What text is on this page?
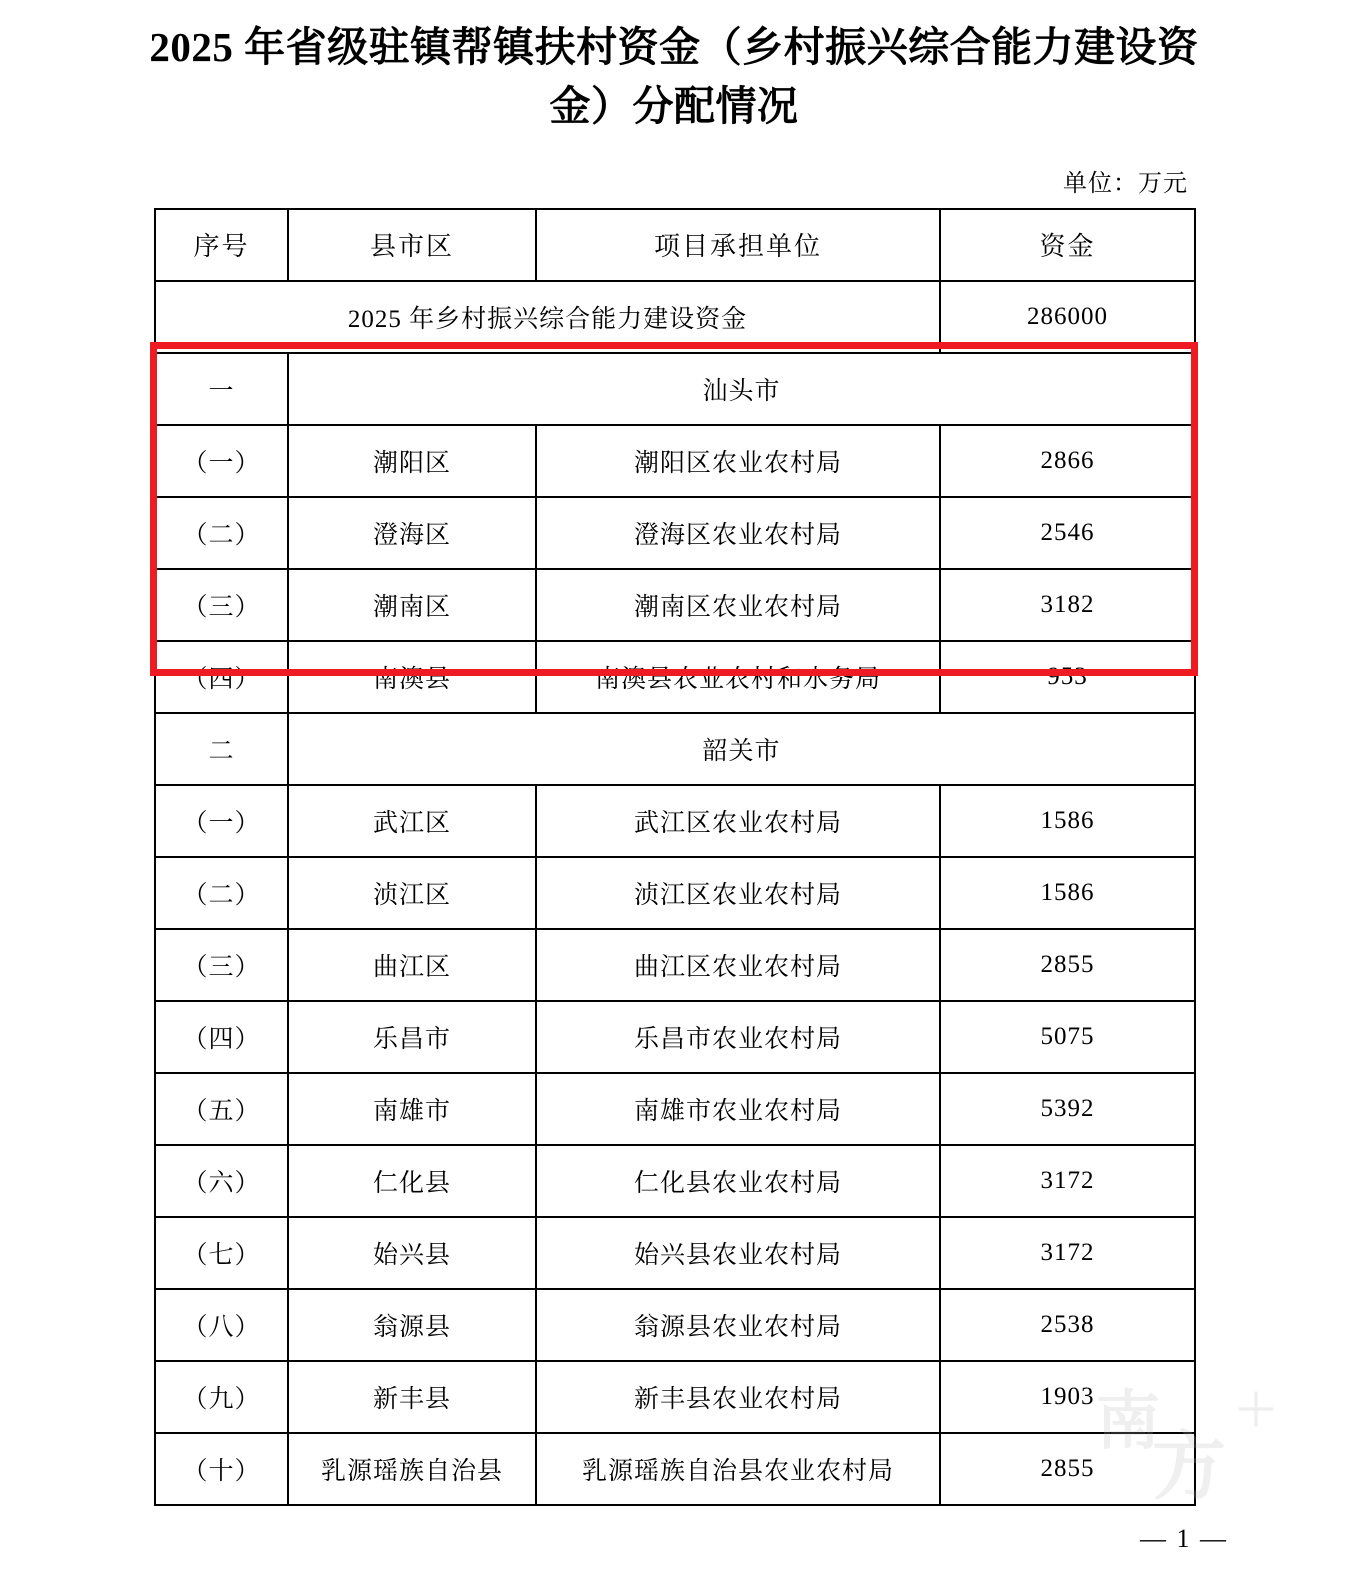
2025 年省级驻镇帮镇扶村资金（乡村振兴综合能力建设资金）分配情况
单位：万元
序号	县市区	项目承担单位	资金
2025 年乡村振兴综合能力建设资金			286000
一	汕头市		
（一）	潮阳区	潮阳区农业农村局	2866
（二）	澄海区	澄海区农业农村局	2546
（三）	潮南区	潮南区农业农村局	3182
（四）	南澳县	南澳县农业农村和水务局	953
二	韶关市		
（一）	武江区	武江区农业农村局	1586
（二）	浈江区	浈江区农业农村局	1586
（三）	曲江区	曲江区农业农村局	2855
（四）	乐昌市	乐昌市农业农村局	5075
（五）	南雄市	南雄市农业农村局	5392
（六）	仁化县	仁化县农业农村局	3172
（七）	始兴县	始兴县农业农村局	3172
（八）	翁源县	翁源县农业农村局	2538
（九）	新丰县	新丰县农业农村局	1903
（十）	乳源瑶族自治县	乳源瑶族自治县农业农村局	2855
南
方
＋
— 1 —
